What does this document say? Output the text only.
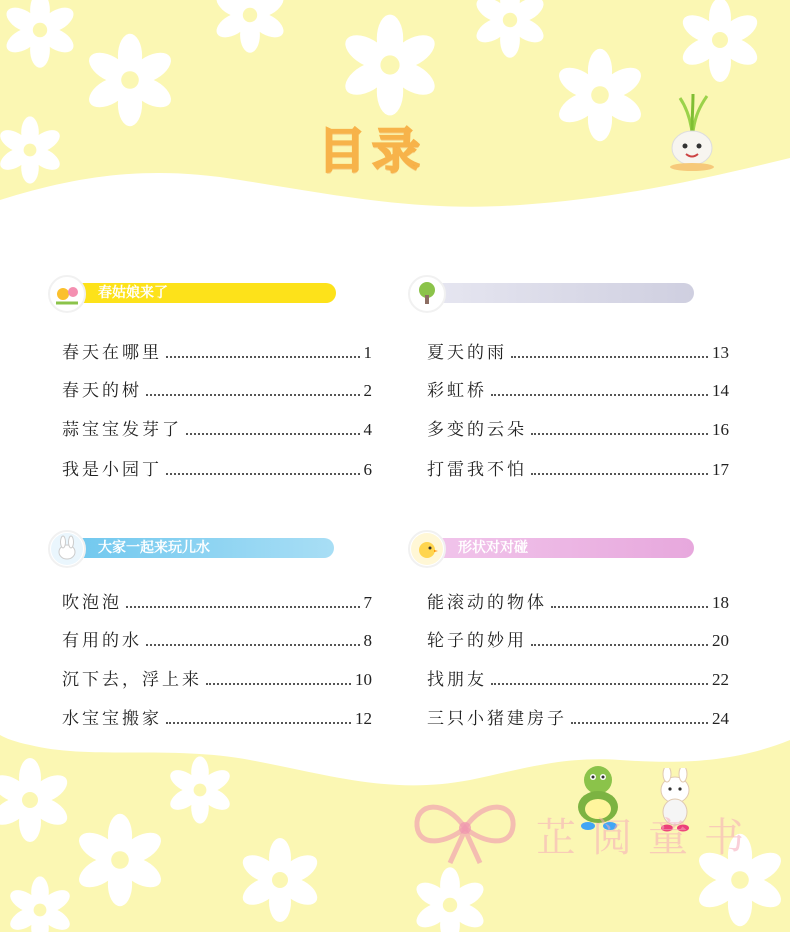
目录
春姑娘来了
大家一起来玩儿水	形状对对碰
春天在哪里	1
春天的树	2
蒜宝宝发芽了	4
我是小园丁	6
夏天的雨	13
彩虹桥	14
多变的云朵	16
打雷我不怕	17
吹泡泡	7
有用的水	8
沉下去，浮上来	10
水宝宝搬家	12
能滚动的物体	18
轮子的妙用	20
找朋友	22
三只小猪建房子	24
芷阅童书
